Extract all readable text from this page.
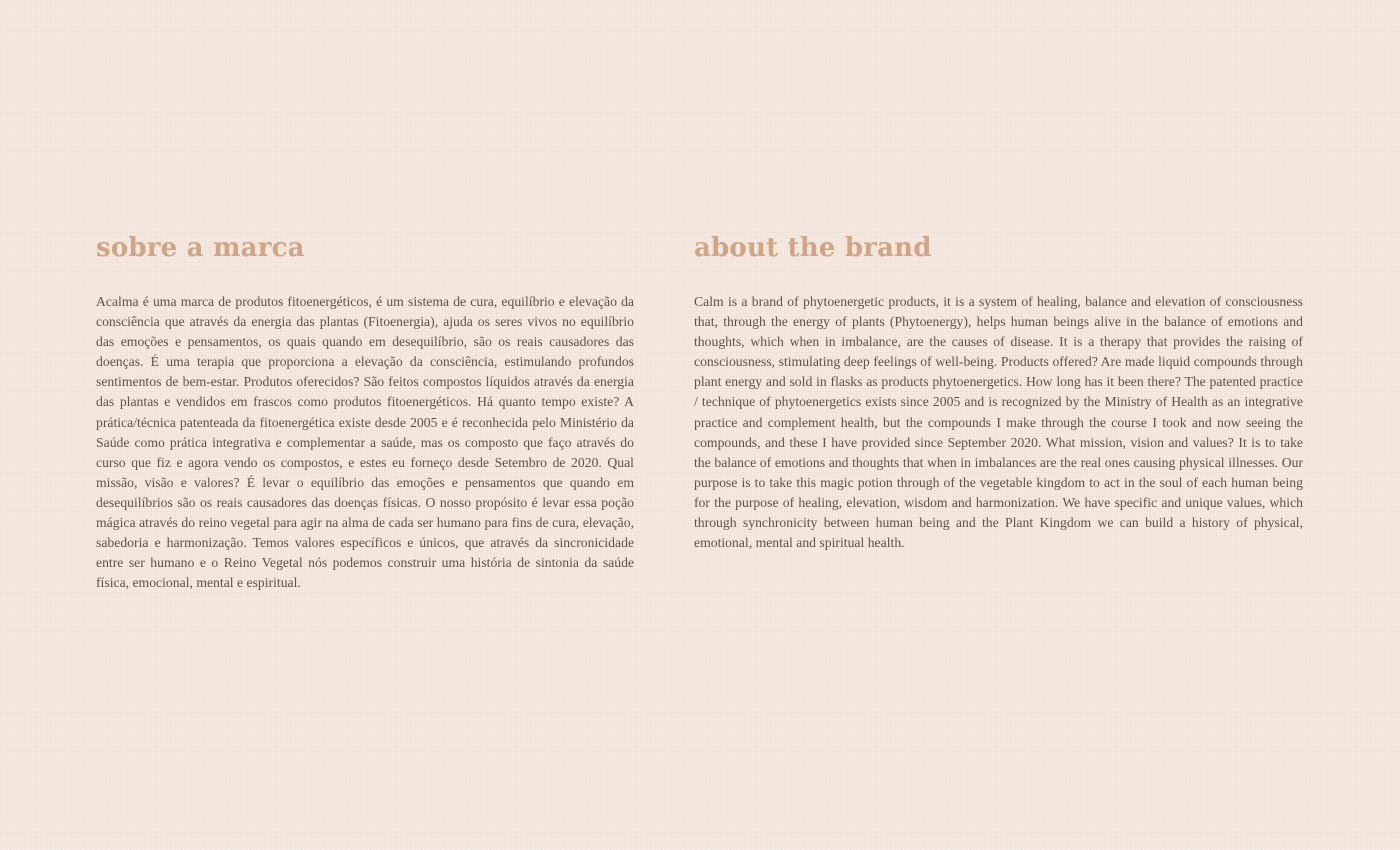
sobre a marca

Acalma é uma marca de produtos fitoenergéticos, é um sistema de cura, equilíbrio e elevação da consciência que através da energia das plantas (Fitoenergia), ajuda os seres vivos no equilíbrio das emoções e pensamentos, os quais quando em desequilíbrio, são os reais causadores das doenças. É uma terapia que proporciona a elevação da consciência, estimulando profundos sentimentos de bem-estar. Produtos oferecidos? São feitos compostos líquidos através da energia das plantas e vendidos em frascos como produtos fitoenergéticos. Há quanto tempo existe? A prática/técnica patenteada da fitoenergética existe desde 2005 e é reconhecida pelo Ministério da Saúde como prática integrativa e complementar a saúde, mas os composto que faço através do curso que fiz e agora vendo os compostos, e estes eu forneço desde Setembro de 2020. Qual missão, visão e valores? É levar o equilíbrio das emoções e pensamentos que quando em desequilíbrios são os reais causadores das doenças físicas. O nosso propósito é levar essa poção mágica através do reino vegetal para agir na alma de cada ser humano para fins de cura, elevação, sabedoria e harmonização. Temos valores específicos e únicos, que através da sincronicidade entre ser humano e o Reino Vegetal nós podemos construir uma história de sintonia da saúde física, emocional, mental e espiritual.

about the brand

Calm is a brand of phytoenergetic products, it is a system of healing, balance and elevation of consciousness that, through the energy of plants (Phytoenergy), helps human beings alive in the balance of emotions and thoughts, which when in imbalance, are the causes of disease. It is a therapy that provides the raising of consciousness, stimulating deep feelings of well-being. Products offered? Are made liquid compounds through plant energy and sold in flasks as products phytoenergetics. How long has it been there? The patented practice / technique of phytoenergetics exists since 2005 and is recognized by the Ministry of Health as an integrative practice and complement health, but the compounds I make through the course I took and now seeing the compounds, and these I have provided since September 2020. What mission, vision and values? It is to take the balance of emotions and thoughts that when in imbalances are the real ones causing physical illnesses. Our purpose is to take this magic potion through of the vegetable kingdom to act in the soul of each human being for the purpose of healing, elevation, wisdom and harmonization. We have specific and unique values, which through synchronicity between human being and the Plant Kingdom we can build a history of physical, emotional, mental and spiritual health.
